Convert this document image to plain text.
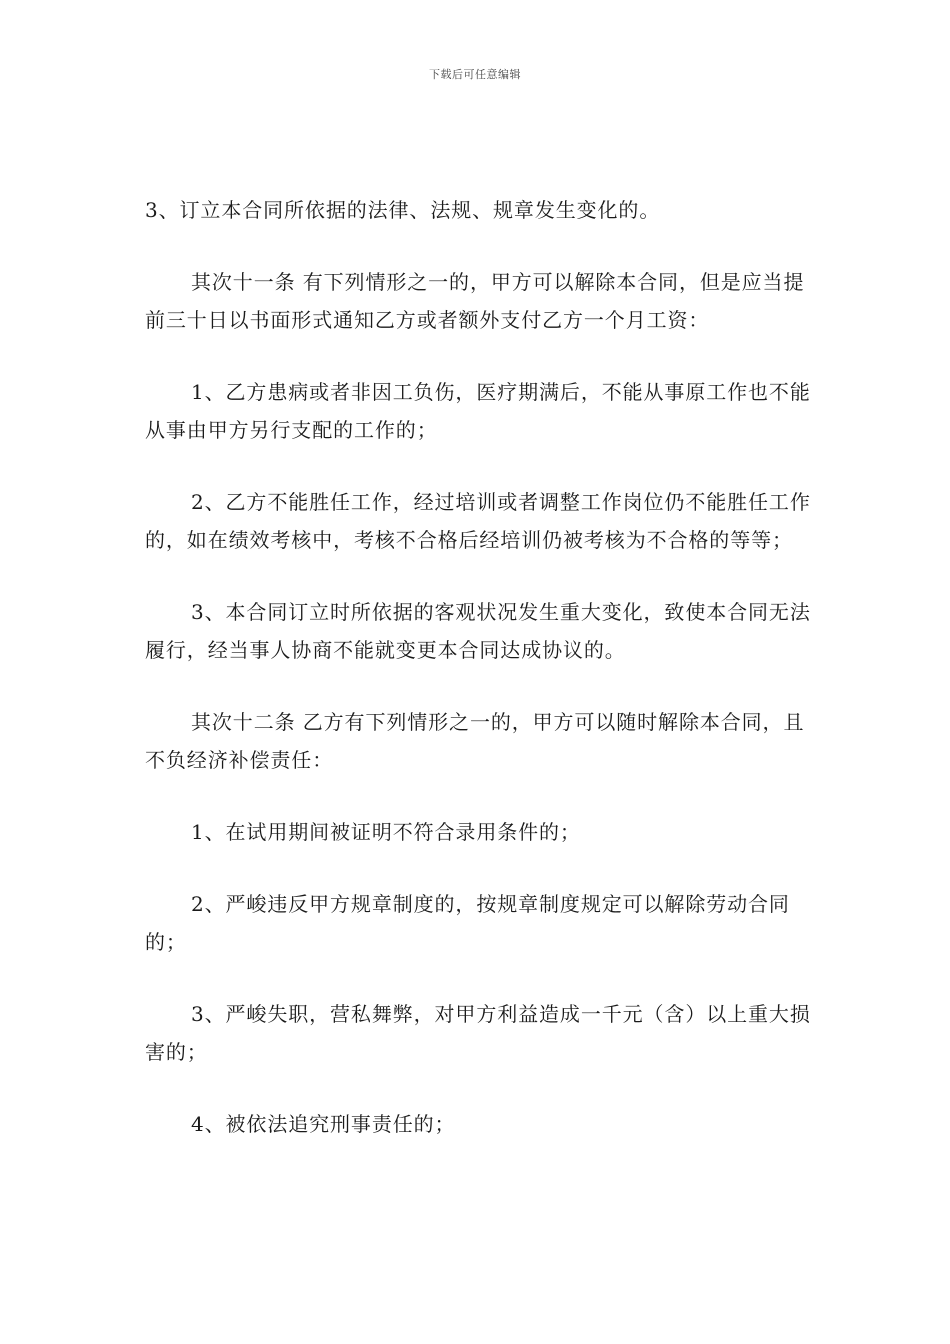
下载后可任意编辑

3、订立本合同所依据的法律、法规、规章发生变化的。

其次十一条 有下列情形之一的，甲方可以解除本合同，但是应当提前三十日以书面形式通知乙方或者额外支付乙方一个月工资：

1、乙方患病或者非因工负伤，医疗期满后，不能从事原工作也不能从事由甲方另行支配的工作的；

2、乙方不能胜任工作，经过培训或者调整工作岗位仍不能胜任工作的，如在绩效考核中，考核不合格后经培训仍被考核为不合格的等等；

3、本合同订立时所依据的客观状况发生重大变化，致使本合同无法履行，经当事人协商不能就变更本合同达成协议的。

其次十二条 乙方有下列情形之一的，甲方可以随时解除本合同，且不负经济补偿责任：

1、在试用期间被证明不符合录用条件的；

2、严峻违反甲方规章制度的，按规章制度规定可以解除劳动合同的；

3、严峻失职，营私舞弊，对甲方利益造成一千元（含）以上重大损害的；

4、被依法追究刑事责任的；
